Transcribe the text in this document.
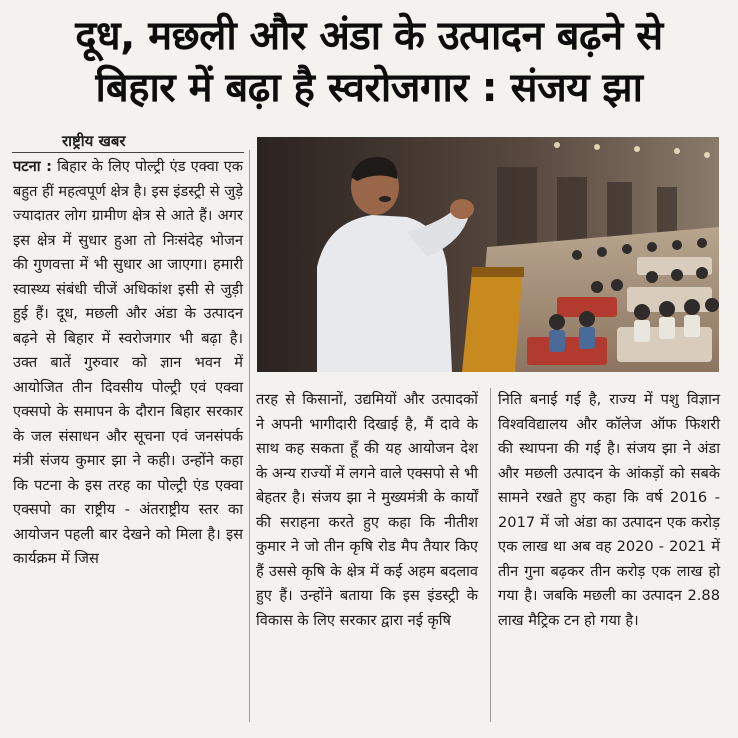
दूध, मछली और अंडा के उत्पादन बढ़ने से
बिहार में बढ़ा है स्वरोजगार : संजय झा
राष्ट्रीय खबर

पटना : बिहार के लिए पोल्ट्री एंड एक्वा एक बहुत हीं महत्वपूर्ण क्षेत्र है। इस इंडस्ट्री से जुड़े ज्यादातर लोग ग्रामीण क्षेत्र से आते हैं। अगर इस क्षेत्र में सुधार हुआ तो निःसंदेह भोजन की गुणवत्ता में भी सुधार आ जाएगा। हमारी स्वास्थ्य संबंधी चीजें अधिकांश इसी से जुड़ी हुई हैं। दूध, मछली और अंडा के उत्पादन बढ़ने से बिहार में स्वरोजगार भी बढ़ा है। उक्त बातें गुरुवार को ज्ञान भवन में आयोजित तीन दिवसीय पोल्ट्री एवं एक्वा एक्सपो के समापन के दौरान बिहार सरकार के जल संसाधन और सूचना एवं जनसंपर्क मंत्री संजय कुमार झा ने कही। उन्होंने कहा कि पटना के इस तरह का पोल्ट्री एंड एक्वा एक्सपो का राष्ट्रीय - अंतराष्ट्रीय स्तर का आयोजन पहली बार देखने को मिला है। इस कार्यक्रम में जिस

तरह से किसानों, उद्यमियों और उत्पादकों ने अपनी भागीदारी दिखाई है, मैं दावे के साथ कह सकता हूँ की यह आयोजन देश के अन्य राज्यों में लगने वाले एक्सपो से भी बेहतर है। संजय झा ने मुख्यमंत्री के कार्यों की सराहना करते हुए कहा कि नीतीश कुमार ने जो तीन कृषि रोड मैप तैयार किए हैं उससे कृषि के क्षेत्र में कई अहम बदलाव हुए हैं। उन्होंने बताया कि इस इंडस्ट्री के विकास के लिए सरकार द्वारा नई कृषि

निति बनाई गई है, राज्य में पशु विज्ञान विश्वविद्यालय और कॉलेज ऑफ फिशरी की स्थापना की गई है। संजय झा ने अंडा और मछली उत्पादन के आंकड़ों को सबके सामने रखते हुए कहा कि वर्ष 2016 - 2017 में जो अंडा का उत्पादन एक करोड़ एक लाख था अब वह 2020 - 2021 में तीन गुना बढ़कर तीन करोड़ एक लाख हो गया है। जबकि मछली का उत्पादन 2.88 लाख मैट्रिक टन हो गया है।
